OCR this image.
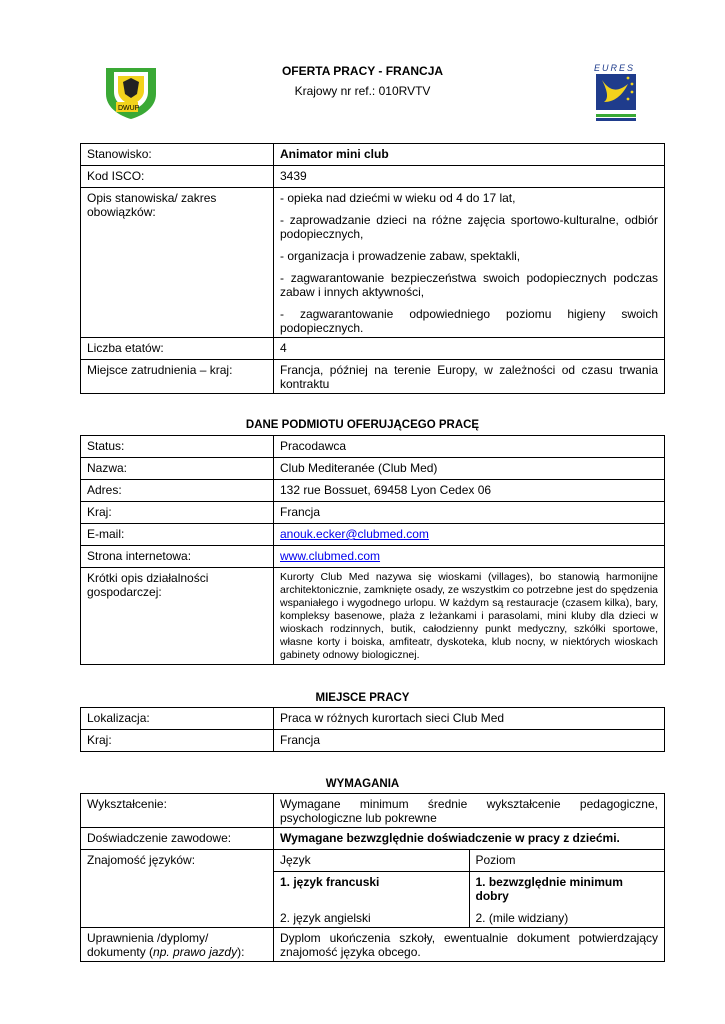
DWUP
EURES
OFERTA PRACY - FRANCJA
Krajowy nr ref.: 010RVTV
Stanowisko:	Animator mini club
Kod ISCO:	3439
Opis stanowiska/ zakres obowiązków:	- opieka nad dziećmi w wieku od 4 do 17 lat,

- zaprowadzanie dzieci na różne zajęcia sportowo-kulturalne, odbiór podopiecznych,

- organizacja i prowadzenie zabaw, spektakli,

- zagwarantowanie bezpieczeństwa swoich podopiecznych podczas zabaw i innych aktywności,

- zagwarantowanie odpowiedniego poziomu higieny swoich podopiecznych.

Liczba etatów:	4
Miejsce zatrudnienia – kraj:	Francja, później na terenie Europy, w zależności od czasu trwania kontraktu
DANE PODMIOTU OFERUJĄCEGO PRACĘ
Status:	Pracodawca
Nazwa:	Club Mediteranée (Club Med)
Adres:	132 rue Bossuet, 69458 Lyon Cedex 06
Kraj:	Francja
E-mail:	anouk.ecker@clubmed.com
Strona internetowa:	www.clubmed.com
Krótki opis działalności gospodarczej:	Kurorty Club Med nazywa się wioskami (villages), bo stanowią harmonijne architektonicznie, zamknięte osady, ze wszystkim co potrzebne jest do spędzenia wspaniałego i wygodnego urlopu. W każdym są restauracje (czasem kilka), bary, kompleksy basenowe, plaża z leżankami i parasolami, mini kluby dla dzieci w wioskach rodzinnych, butik, całodzienny punkt medyczny, szkółki sportowe, własne korty i boiska, amfiteatr, dyskoteka, klub nocny, w niektórych wioskach gabinety odnowy biologicznej.
MIEJSCE PRACY
Lokalizacja:	Praca w różnych kurortach sieci Club Med
Kraj:	Francja
WYMAGANIA
Wykształcenie:	Wymagane minimum średnie wykształcenie pedagogiczne, psychologiczne lub pokrewne
Doświadczenie zawodowe:	Wymagane bezwzględnie doświadczenie w pracy z dziećmi.
Znajomość języków:		Język	Poziom
1. język francuski	1. bezwzględnie minimum dobry
2. język angielski	2. (mile widziany)

Uprawnienia /dyplomy/ dokumenty (np. prawo jazdy):	Dyplom ukończenia szkoły, ewentualnie dokument potwierdzający znajomość języka obcego.
